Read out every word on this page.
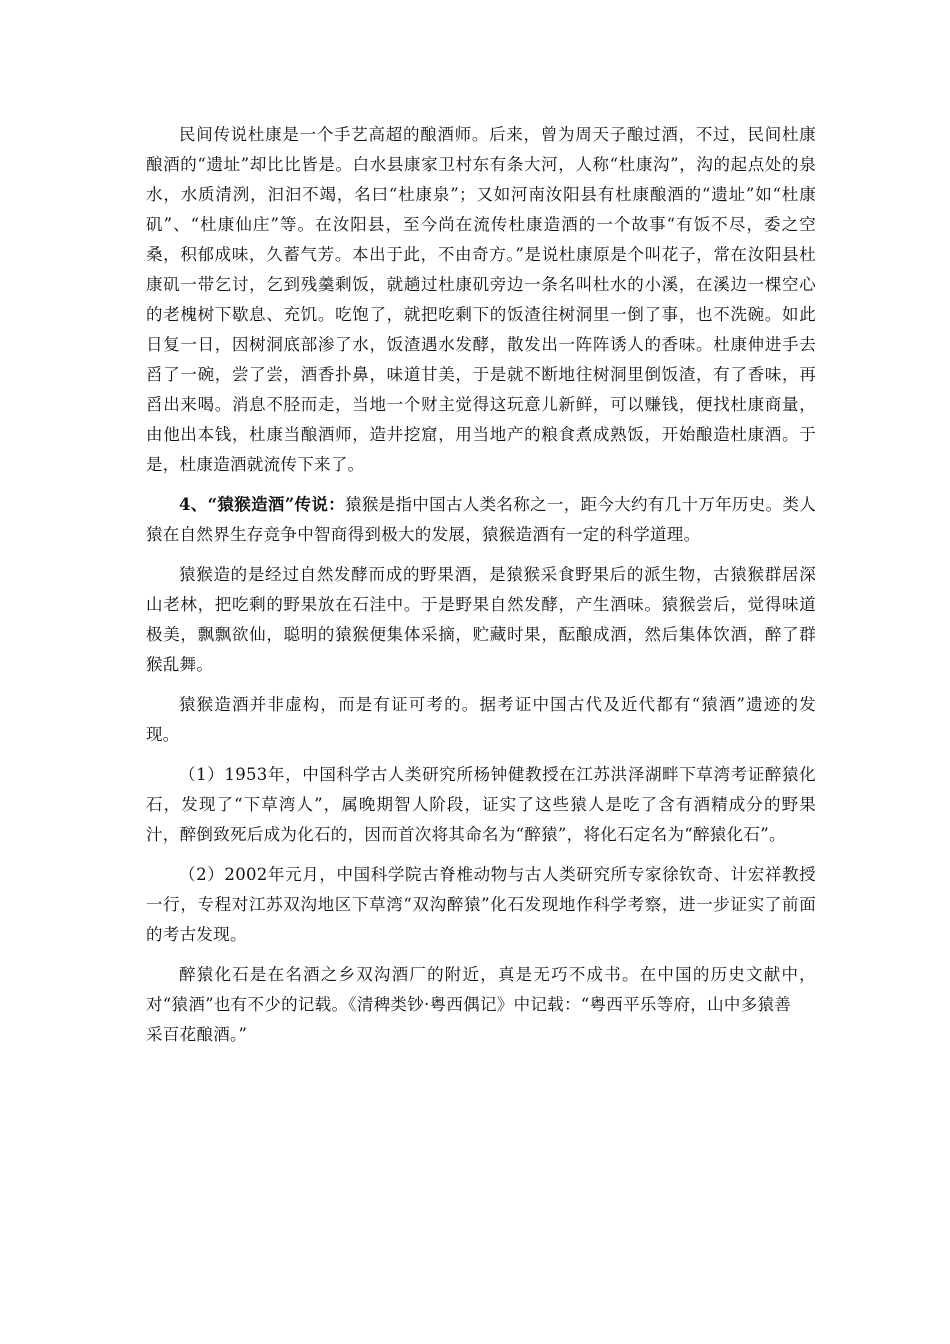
民间传说杜康是一个手艺高超的酿酒师。后来，曾为周天子酿过酒，不过，民间杜康酿酒的“遗址”却比比皆是。白水县康家卫村东有条大河，人称“杜康沟”，沟的起点处的泉水，水质清洌，汩汩不竭，名曰“杜康泉”；又如河南汝阳县有杜康酿酒的“遗址”如“杜康矶”、“杜康仙庄”等。在汝阳县，至今尚在流传杜康造酒的一个故事“有饭不尽，委之空桑，积郁成味，久蓄气芳。本出于此，不由奇方。”是说杜康原是个叫花子，常在汝阳县杜康矶一带乞讨，乞到残羹剩饭，就趟过杜康矶旁边一条名叫杜水的小溪，在溪边一棵空心的老槐树下歇息、充饥。吃饱了，就把吃剩下的饭渣往树洞里一倒了事，也不洗碗。如此日复一日，因树洞底部渗了水，饭渣遇水发酵，散发出一阵阵诱人的香味。杜康伸进手去舀了一碗，尝了尝，酒香扑鼻，味道甘美，于是就不断地往树洞里倒饭渣，有了香味，再舀出来喝。消息不胫而走，当地一个财主觉得这玩意儿新鲜，可以赚钱，便找杜康商量，由他出本钱，杜康当酿酒师，造井挖窟，用当地产的粮食煮成熟饭，开始酿造杜康酒。于是，杜康造酒就流传下来了。

4、“猿猴造酒”传说：猿猴是指中国古人类名称之一，距今大约有几十万年历史。类人猿在自然界生存竞争中智商得到极大的发展，猿猴造酒有一定的科学道理。

猿猴造的是经过自然发酵而成的野果酒，是猿猴采食野果后的派生物，古猿猴群居深山老林，把吃剩的野果放在石洼中。于是野果自然发酵，产生酒味。猿猴尝后，觉得味道极美，飘飘欲仙，聪明的猿猴便集体采摘，贮藏时果，酝酿成酒，然后集体饮酒，醉了群猴乱舞。

猿猴造酒并非虚构，而是有证可考的。据考证中国古代及近代都有“猿酒”遗迹的发现。

（1）1953年，中国科学古人类研究所杨钟健教授在江苏洪泽湖畔下草湾考证醉猿化石，发现了“下草湾人”，属晚期智人阶段，证实了这些猿人是吃了含有酒精成分的野果汁，醉倒致死后成为化石的，因而首次将其命名为“醉猿”，将化石定名为“醉猿化石”。

（2）2002年元月，中国科学院古脊椎动物与古人类研究所专家徐钦奇、计宏祥教授一行，专程对江苏双沟地区下草湾“双沟醉猿”化石发现地作科学考察，进一步证实了前面的考古发现。

醉猿化石是在名酒之乡双沟酒厂的附近，真是无巧不成书。在中国的历史文献中，对“猿酒”也有不少的记载。《清稗类钞·粤西偶记》中记载：“粤西平乐等府，山中多猿善

采百花酿酒。”
